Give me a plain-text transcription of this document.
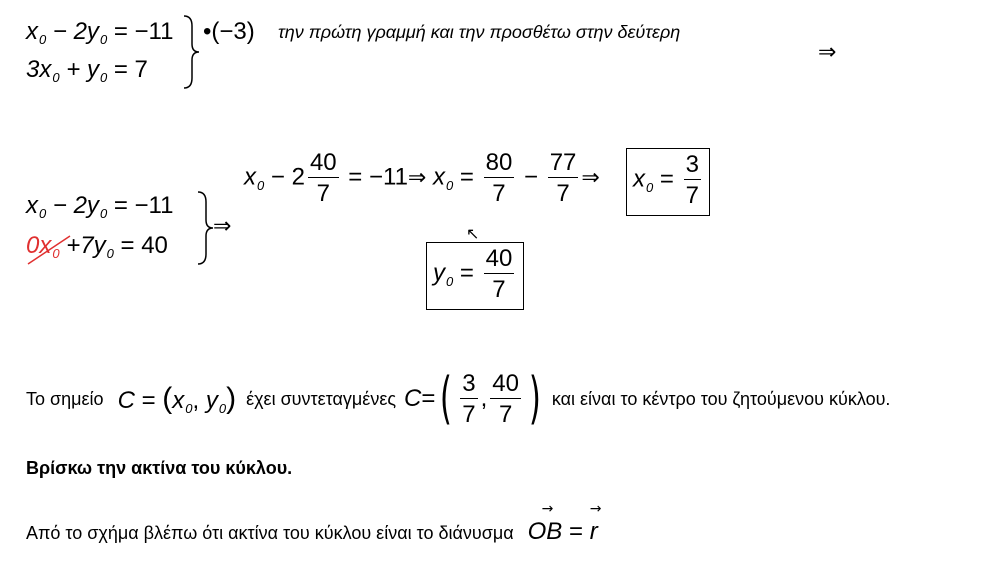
$x_0 - 2y_0 = -11$
$3x_0 + y_0 = 7$
•(−3) την πρώτη γραμμή και την προσθέτω στην δεύτερη
⇒
$x_0 - 2y_0 = -11$
$0x_0 +7y_0 = 40$
⇒
$x_0 - 2 \frac{40}{7}$ = −11⇒ $x_0 = \frac{80}{7} - \frac{77}{7}$ ⇒ $x_0 = \frac{3}{7}$
↖
$y_0 = \frac{40}{7}$
Το σημείο $C = (x_0$, $y_0$) έχει συντεταγμένες C = ( $\frac{3}{7}$ , $\frac{40}{7}$ ) και είναι το κέντρο του ζητούμενου κύκλου.
Βρίσκω την ακτίνα του κύκλου.
Από το σχήμα βλέπω ότι ακτίνα του κύκλου είναι το διάνυσμα
→
OB =
→
r
